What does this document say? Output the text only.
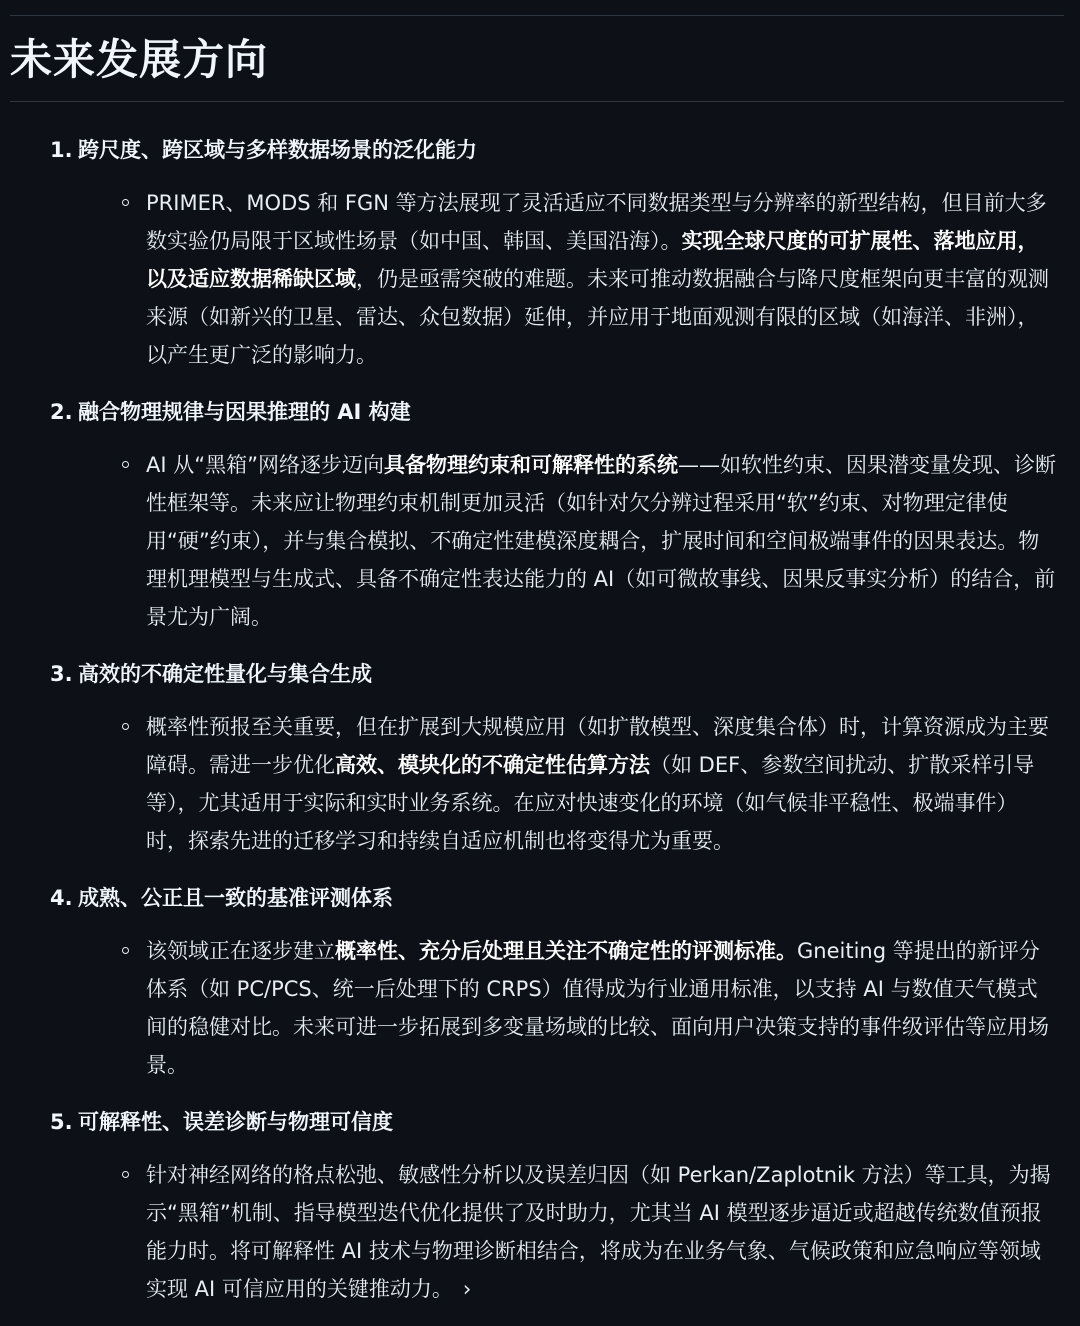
未来发展方向
1. 跨尺度、跨区域与多样数据场景的泛化能力
PRIMER、MODS 和 FGN 等方法展现了灵活适应不同数据类型与分辨率的新型结构，但目前大多数实验仍局限于区域性场景（如中国、韩国、美国沿海）。实现全球尺度的可扩展性、落地应用，以及适应数据稀缺区域，仍是亟需突破的难题。未来可推动数据融合与降尺度框架向更丰富的观测来源（如新兴的卫星、雷达、众包数据）延伸，并应用于地面观测有限的区域（如海洋、非洲），以产生更广泛的影响力。
2. 融合物理规律与因果推理的 AI 构建
AI 从“黑箱”网络逐步迈向具备物理约束和可解释性的系统——如软性约束、因果潜变量发现、诊断性框架等。未来应让物理约束机制更加灵活（如针对欠分辨过程采用“软”约束、对物理定律使用“硬”约束），并与集合模拟、不确定性建模深度耦合，扩展时间和空间极端事件的因果表达。物理机理模型与生成式、具备不确定性表达能力的 AI（如可微故事线、因果反事实分析）的结合，前景尤为广阔。
3. 高效的不确定性量化与集合生成
概率性预报至关重要，但在扩展到大规模应用（如扩散模型、深度集合体）时，计算资源成为主要障碍。需进一步优化高效、模块化的不确定性估算方法（如 DEF、参数空间扰动、扩散采样引导等），尤其适用于实际和实时业务系统。在应对快速变化的环境（如气候非平稳性、极端事件）时，探索先进的迁移学习和持续自适应机制也将变得尤为重要。
4. 成熟、公正且一致的基准评测体系
该领域正在逐步建立概率性、充分后处理且关注不确定性的评测标准。Gneiting 等提出的新评分体系（如 PC/PCS、统一后处理下的 CRPS）值得成为行业通用标准，以支持 AI 与数值天气模式间的稳健对比。未来可进一步拓展到多变量场域的比较、面向用户决策支持的事件级评估等应用场景。
5. 可解释性、误差诊断与物理可信度
针对神经网络的格点松弛、敏感性分析以及误差归因（如 Perkan/Zaplotnik 方法）等工具，为揭示“黑箱”机制、指导模型迭代优化提供了及时助力，尤其当 AI 模型逐步逼近或超越传统数值预报能力时。将可解释性 AI 技术与物理诊断相结合，将成为在业务气象、气候政策和应急响应等领域实现 AI 可信应用的关键推动力。 ›
